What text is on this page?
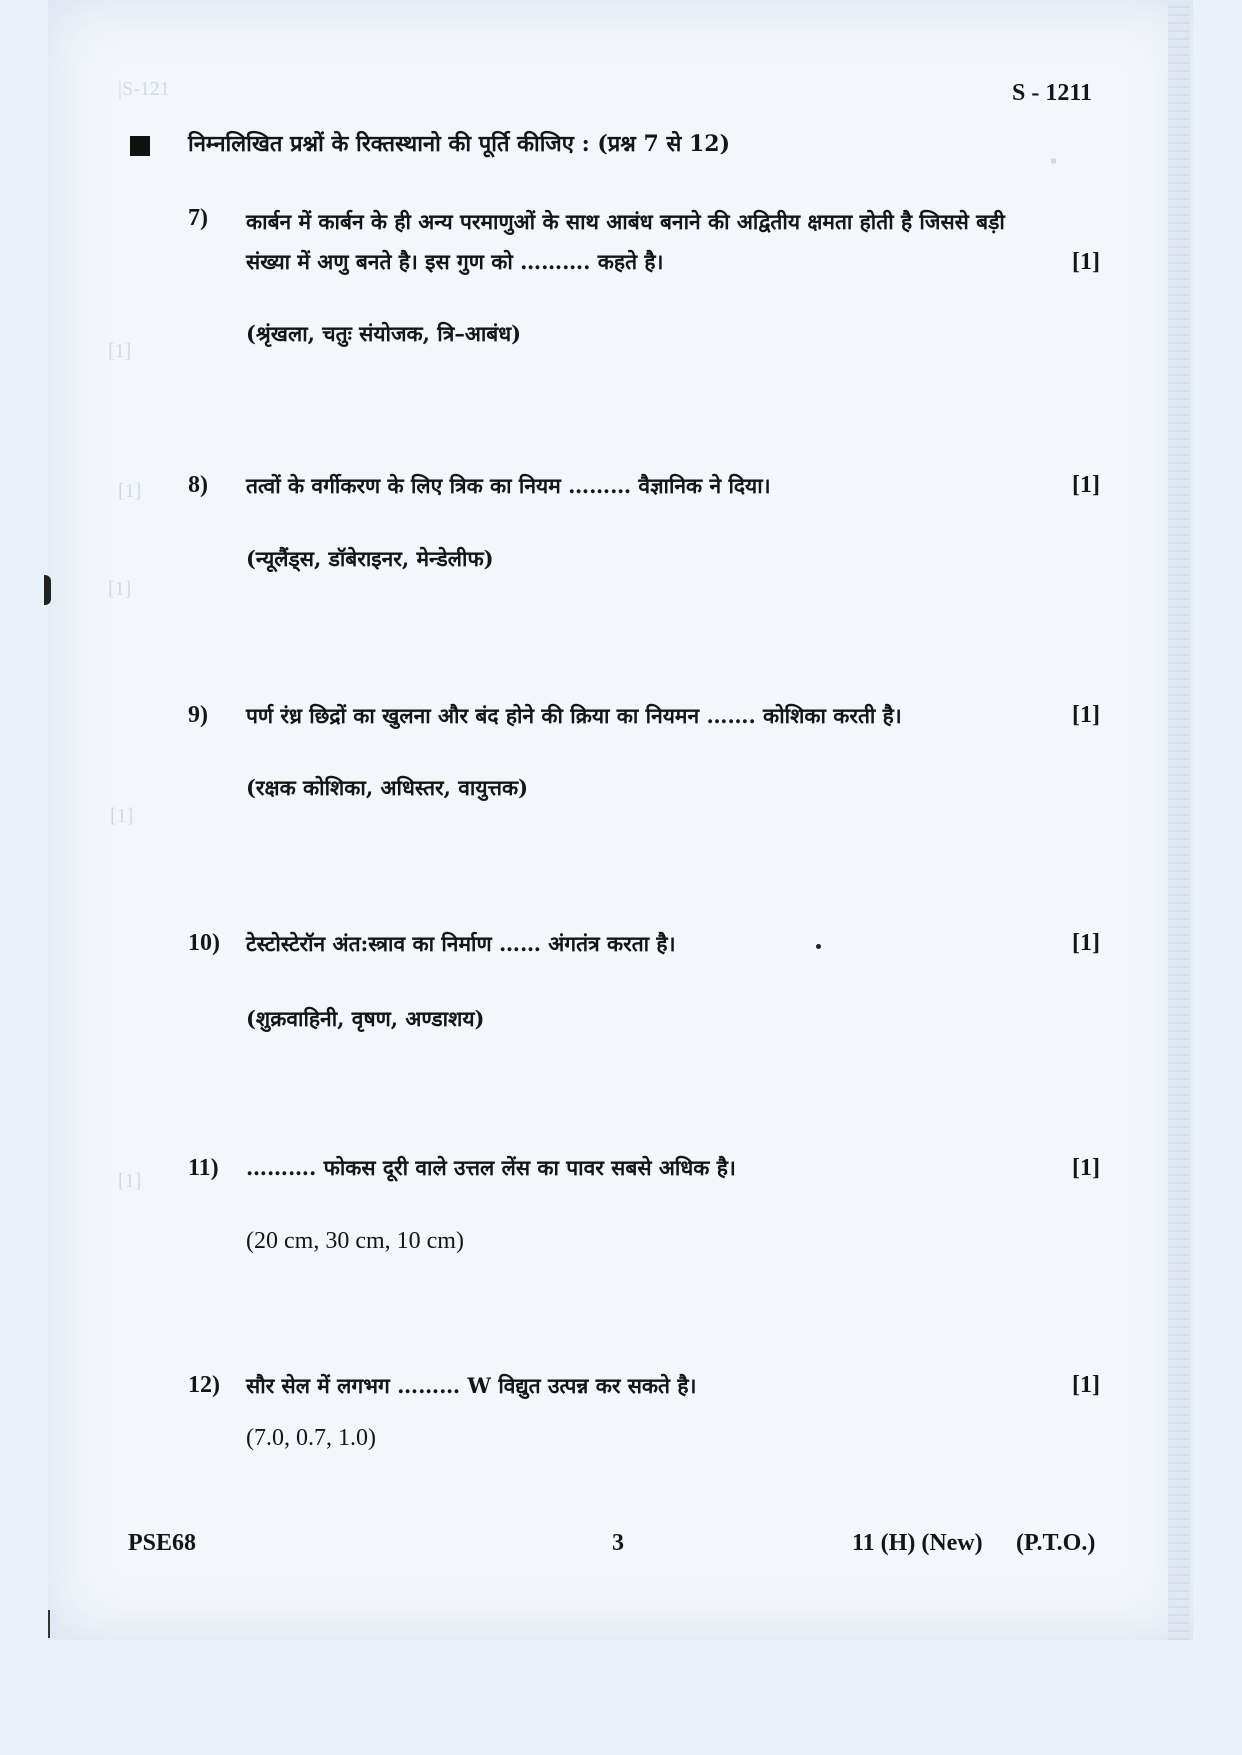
|S-121
[1]
[1]
[1]
[1]
[1]
▪
S - 1211
निम्नलिखित प्रश्नों के रिक्तस्थानो की पूर्ति कीजिए : (प्रश्न 7 से 12)
7) कार्बन में कार्बन के ही अन्य परमाणुओं के साथ आबंध बनाने की अद्वितीय क्षमता होती है जिससे बड़ी
संख्या में अणु बनते है। इस गुण को ………. कहते है।	[1]
(श्रृंखला, चतुः संयोजक, त्रि–आबंध)
8) तत्वों के वर्गीकरण के लिए त्रिक का नियम ……… वैज्ञानिक ने दिया।	[1]
(न्यूलैंड्स, डॉबेराइनर, मेन्डेलीफ)
9) पर्ण रंध्र छिद्रों का खुलना और बंद होने की क्रिया का नियमन ……. कोशिका करती है।	[1]
(रक्षक कोशिका, अधिस्तर, वायुत्तक)
10) टेस्टोस्टेरॉन अंत:स्त्राव का निर्माण …… अंगतंत्र करता है।	[1]
(शुक्रवाहिनी, वृषण, अण्डाशय)
11) ………. फोकस दूरी वाले उत्तल लेंस का पावर सबसे अधिक है।	[1]
(20 cm, 30 cm, 10 cm)
12) सौर सेल में लगभग ……… W विद्युत उत्पन्न कर सकते है।	[1]
(7.0, 0.7, 1.0)
PSE68	3	11 (H) (New) (P.T.O.)
